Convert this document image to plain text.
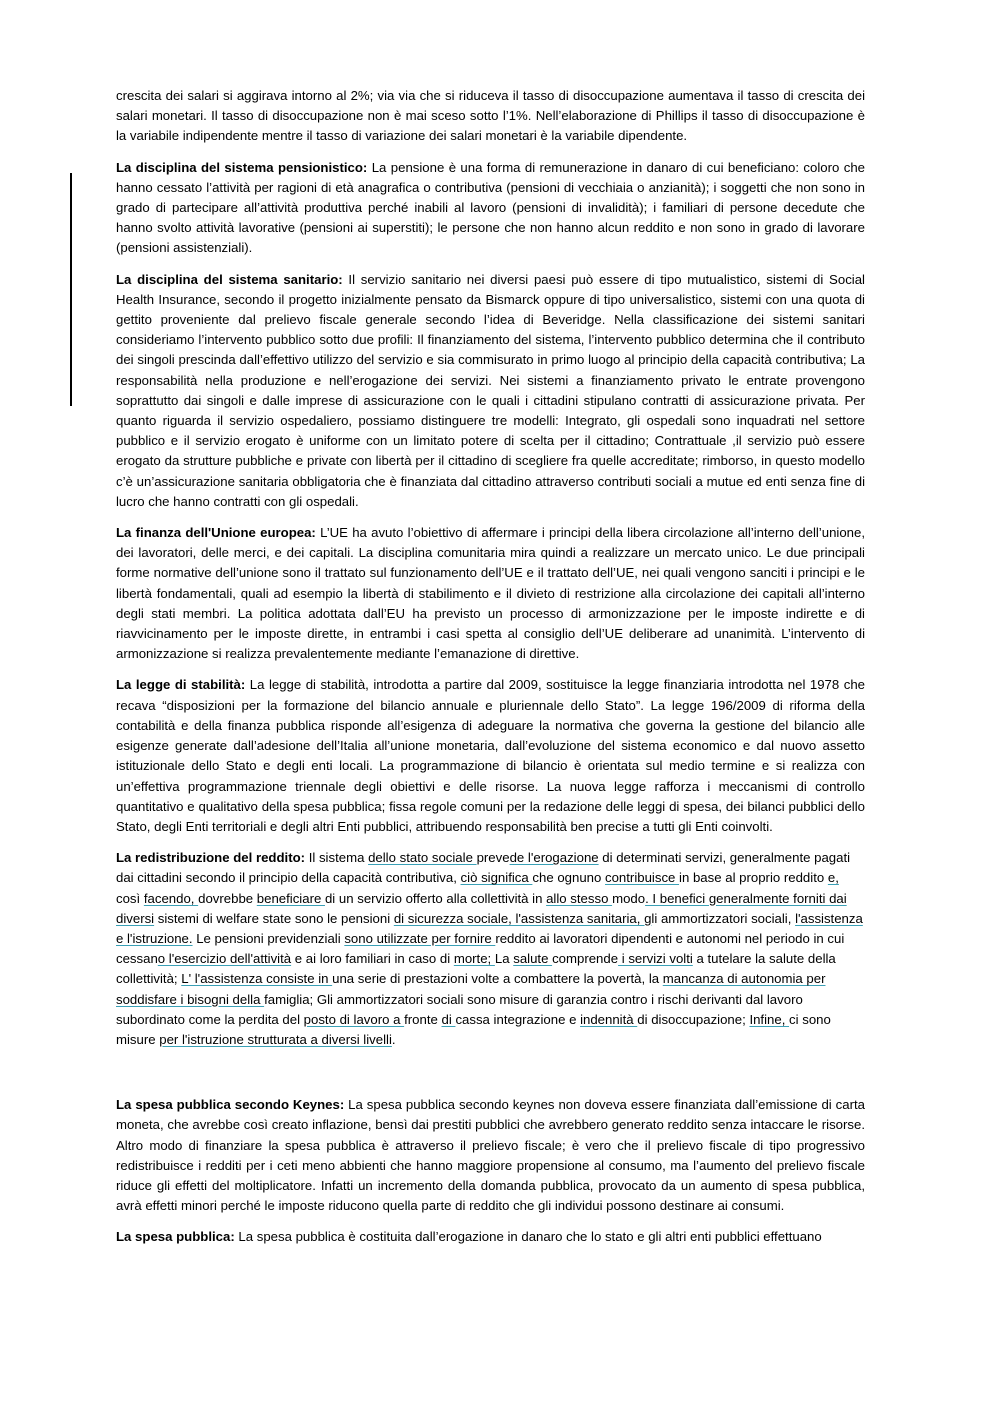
crescita dei salari si aggirava intorno al 2%; via via che si riduceva il tasso di disoccupazione aumentava il tasso di crescita dei salari monetari. Il tasso di disoccupazione non è mai sceso sotto l’1%. Nell’elaborazione di Phillips il tasso di disoccupazione è la variabile indipendente mentre il tasso di variazione dei salari monetari è la variabile dipendente.

La disciplina del sistema pensionistico: La pensione è una forma di remunerazione in danaro di cui beneficiano: coloro che hanno cessato l’attività per ragioni di età anagrafica o contributiva (pensioni di vecchiaia o anzianità); i soggetti che non sono in grado di partecipare all’attività produttiva perché inabili al lavoro (pensioni di invalidità); i familiari di persone decedute che hanno svolto attività lavorative (pensioni ai superstiti); le persone che non hanno alcun reddito e non sono in grado di lavorare (pensioni assistenziali).

La disciplina del sistema sanitario: Il servizio sanitario nei diversi paesi può essere di tipo mutualistico, sistemi di Social Health Insurance, secondo il progetto inizialmente pensato da Bismarck oppure di tipo universalistico, sistemi con una quota di gettito proveniente dal prelievo fiscale generale secondo l’idea di Beveridge. Nella classificazione dei sistemi sanitari consideriamo l’intervento pubblico sotto due profili: Il finanziamento del sistema, l’intervento pubblico determina che il contributo dei singoli prescinda dall’effettivo utilizzo del servizio e sia commisurato in primo luogo al principio della capacità contributiva; La responsabilità nella produzione e nell’erogazione dei servizi. Nei sistemi a finanziamento privato le entrate provengono soprattutto dai singoli e dalle imprese di assicurazione con le quali i cittadini stipulano contratti di assicurazione privata. Per quanto riguarda il servizio ospedaliero, possiamo distinguere tre modelli: Integrato, gli ospedali sono inquadrati nel settore pubblico e il servizio erogato è uniforme con un limitato potere di scelta per il cittadino; Contrattuale ,il servizio può essere erogato da strutture pubbliche e private con libertà per il cittadino di scegliere fra quelle accreditate; rimborso, in questo modello c’è un’assicurazione sanitaria obbligatoria che è finanziata dal cittadino attraverso contributi sociali a mutue ed enti senza fine di lucro che hanno contratti con gli ospedali.

La finanza dell'Unione europea: L’UE ha avuto l’obiettivo di affermare i principi della libera circolazione all’interno dell’unione, dei lavoratori, delle merci, e dei capitali. La disciplina comunitaria mira quindi a realizzare un mercato unico. Le due principali forme normative dell’unione sono il trattato sul funzionamento dell’UE e il trattato dell’UE, nei quali vengono sanciti i principi e le libertà fondamentali, quali ad esempio la libertà di stabilimento e il divieto di restrizione alla circolazione dei capitali all’interno degli stati membri. La politica adottata dall’EU ha previsto un processo di armonizzazione per le imposte indirette e di riavvicinamento per le imposte dirette, in entrambi i casi spetta al consiglio dell’UE deliberare ad unanimità. L’intervento di armonizzazione si realizza prevalentemente mediante l’emanazione di direttive.

La legge di stabilità: La legge di stabilità, introdotta a partire dal 2009, sostituisce la legge finanziaria introdotta nel 1978 che recava “disposizioni per la formazione del bilancio annuale e pluriennale dello Stato”. La legge 196/2009 di riforma della contabilità e della finanza pubblica risponde all’esigenza di adeguare la normativa che governa la gestione del bilancio alle esigenze generate dall’adesione dell’Italia all’unione monetaria, dall’evoluzione del sistema economico e dal nuovo assetto istituzionale dello Stato e degli enti locali. La programmazione di bilancio è orientata sul medio termine e si realizza con un’effettiva programmazione triennale degli obiettivi e delle risorse. La nuova legge rafforza i meccanismi di controllo quantitativo e qualitativo della spesa pubblica; fissa regole comuni per la redazione delle leggi di spesa, dei bilanci pubblici dello Stato, degli Enti territoriali e degli altri Enti pubblici, attribuendo responsabilità ben precise a tutti gli Enti coinvolti.

La redistribuzione del reddito: Il sistema dello stato sociale prevede l'erogazione di determinati servizi, generalmente pagati dai cittadini secondo il principio della capacità contributiva, ciò significa che ognuno contribuisce in base al proprio reddito e, così facendo, dovrebbe beneficiare di un servizio offerto alla collettività in allo stesso modo. I benefici generalmente forniti dai diversi sistemi di welfare state sono le pensioni di sicurezza sociale, l'assistenza sanitaria, gli ammortizzatori sociali, l'assistenza e l'istruzione. Le pensioni previdenziali sono utilizzate per fornire reddito ai lavoratori dipendenti e autonomi nel periodo in cui cessano l'esercizio dell'attività e ai loro familiari in caso di morte; La salute comprende i servizi volti a tutelare la salute della collettività; L' l'assistenza consiste in una serie di prestazioni volte a combattere la povertà, la mancanza di autonomia per soddisfare i bisogni della famiglia; Gli ammortizzatori sociali sono misure di garanzia contro i rischi derivanti dal lavoro subordinato come la perdita del posto di lavoro a fronte di cassa integrazione e indennità di disoccupazione; Infine, ci sono misure per l'istruzione strutturata a diversi livelli.

La spesa pubblica secondo Keynes: La spesa pubblica secondo keynes non doveva essere finanziata dall’emissione di carta moneta, che avrebbe così creato inflazione, bensì dai prestiti pubblici che avrebbero generato reddito senza intaccare le risorse. Altro modo di finanziare la spesa pubblica è attraverso il prelievo fiscale; è vero che il prelievo fiscale di tipo progressivo redistribuisce i redditi per i ceti meno abbienti che hanno maggiore propensione al consumo, ma l’aumento del prelievo fiscale riduce gli effetti del moltiplicatore. Infatti un incremento della domanda pubblica, provocato da un aumento di spesa pubblica, avrà effetti minori perché le imposte riducono quella parte di reddito che gli individui possono destinare ai consumi.

La spesa pubblica: La spesa pubblica è costituita dall’erogazione in danaro che lo stato e gli altri enti pubblici effettuano
